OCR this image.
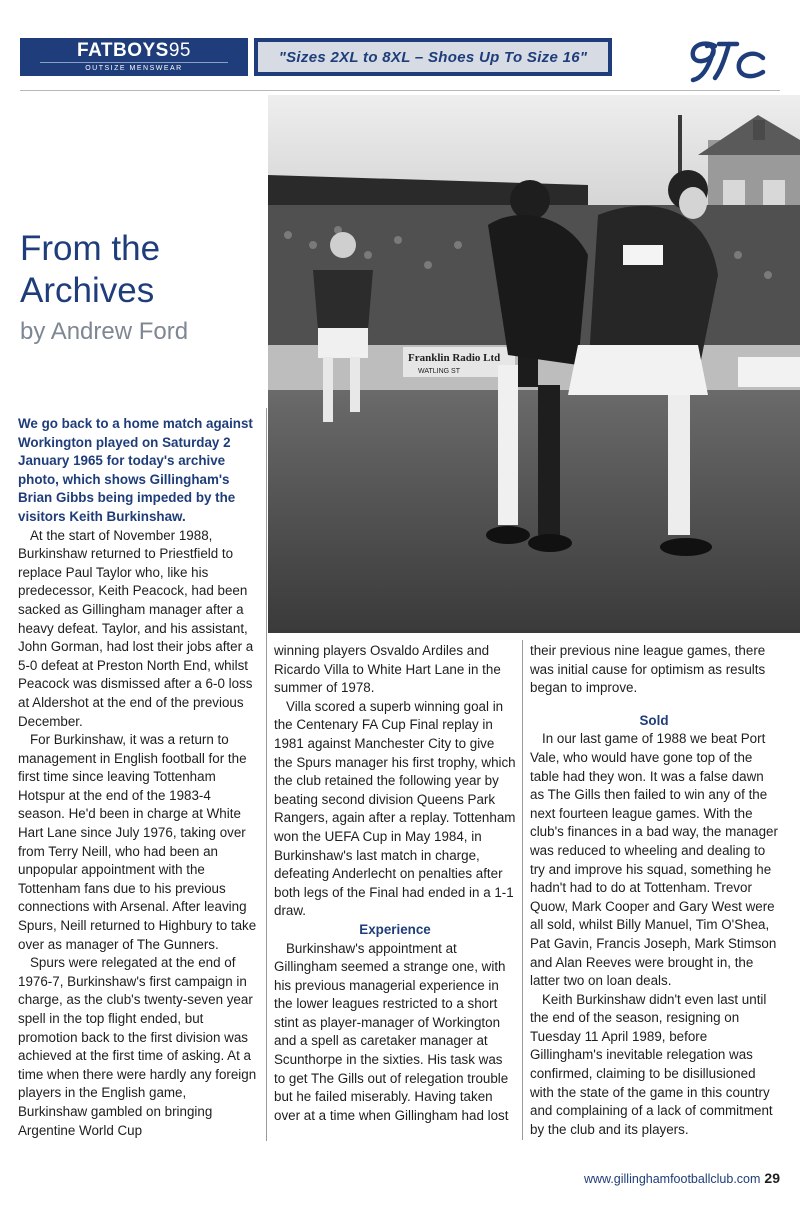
FATBOYS95
OUTSIZE MENSWEAR
"Sizes 2XL to 8XL – Shoes Up To Size 16"
From the
Archives
by Andrew Ford
Franklin Radio Ltd
WATLING ST

We go back to a home match against Workington played on Saturday 2 January 1965 for today's archive photo, which shows Gillingham's Brian Gibbs being impeded by the visitors Keith Burkinshaw.

At the start of November 1988, Burkinshaw returned to Priestfield to replace Paul Taylor who, like his predecessor, Keith Peacock, had been sacked as Gillingham manager after a heavy defeat. Taylor, and his assistant, John Gorman, had lost their jobs after a 5-0 defeat at Preston North End, whilst Peacock was dismissed after a 6-0 loss at Aldershot at the end of the previous December.

For Burkinshaw, it was a return to management in English football for the first time since leaving Tottenham Hotspur at the end of the 1983-4 season. He'd been in charge at White Hart Lane since July 1976, taking over from Terry Neill, who had been an unpopular appointment with the Tottenham fans due to his previous connections with Arsenal. After leaving Spurs, Neill returned to Highbury to take over as manager of The Gunners.

Spurs were relegated at the end of 1976-7, Burkinshaw's first campaign in charge, as the club's twenty-seven year spell in the top flight ended, but promotion back to the first division was achieved at the first time of asking. At a time when there were hardly any foreign players in the English game, Burkinshaw gambled on bringing Argentine World Cup

winning players Osvaldo Ardiles and Ricardo Villa to White Hart Lane in the summer of 1978.

Villa scored a superb winning goal in the Centenary FA Cup Final replay in 1981 against Manchester City to give the Spurs manager his first trophy, which the club retained the following year by beating second division Queens Park Rangers, again after a replay. Tottenham won the UEFA Cup in May 1984, in Burkinshaw's last match in charge, defeating Anderlecht on penalties after both legs of the Final had ended in a 1-1 draw.

Experience

Burkinshaw's appointment at Gillingham seemed a strange one, with his previous managerial experience in the lower leagues restricted to a short stint as player-manager of Workington and a spell as caretaker manager at Scunthorpe in the sixties. His task was to get The Gills out of relegation trouble but he failed miserably. Having taken over at a time when Gillingham had lost

their previous nine league games, there was initial cause for optimism as results began to improve.

Sold

In our last game of 1988 we beat Port Vale, who would have gone top of the table had they won. It was a false dawn as The Gills then failed to win any of the next fourteen league games. With the club's finances in a bad way, the manager was reduced to wheeling and dealing to try and improve his squad, something he hadn't had to do at Tottenham. Trevor Quow, Mark Cooper and Gary West were all sold, whilst Billy Manuel, Tim O'Shea, Pat Gavin, Francis Joseph, Mark Stimson and Alan Reeves were brought in, the latter two on loan deals.

Keith Burkinshaw didn't even last until the end of the season, resigning on Tuesday 11 April 1989, before Gillingham's inevitable relegation was confirmed, claiming to be disillusioned with the state of the game in this country and complaining of a lack of commitment by the club and its players.

www.gillinghamfootballclub.com 29
